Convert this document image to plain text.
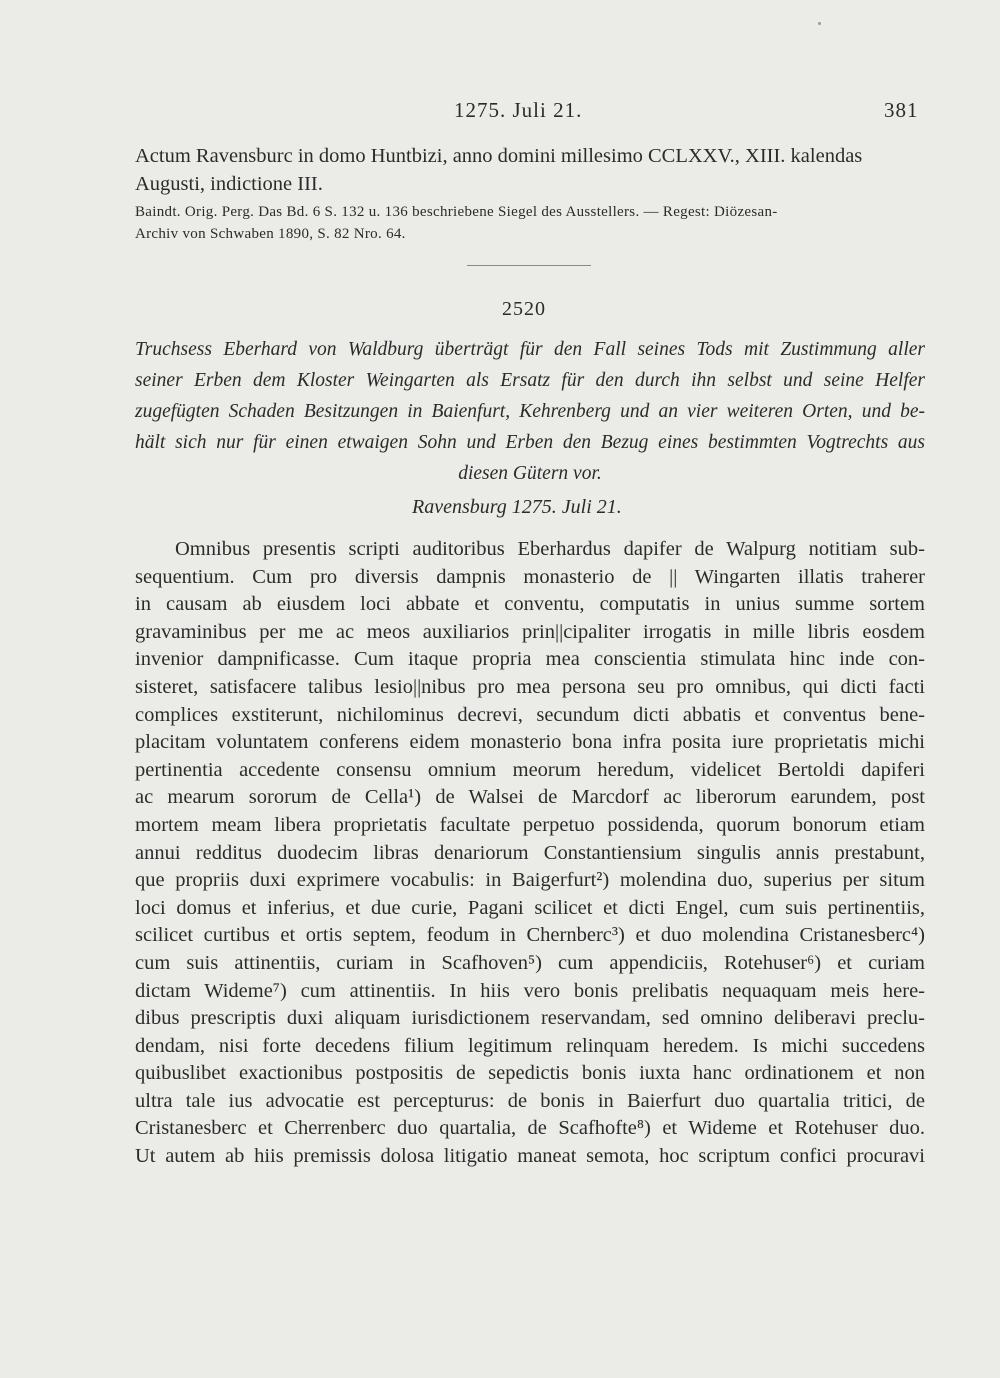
1275. Juli 21.	381
Actum Ravensburc in domo Huntbizi, anno domini millesimo CCLXXV., XIII. kalendas
Augusti, indictione III.
Baindt. Orig. Perg. Das Bd. 6 S. 132 u. 136 beschriebene Siegel des Ausstellers. — Regest: Diözesan-
Archiv von Schwaben 1890, S. 82 Nro. 64.
2520
Truchsess Eberhard von Waldburg überträgt für den Fall seines Tods mit Zustimmung aller
seiner Erben dem Kloster Weingarten als Ersatz für den durch ihn selbst und seine Helfer
zugefügten Schaden Besitzungen in Baienfurt, Kehrenberg und an vier weiteren Orten, und be-
hält sich nur für einen etwaigen Sohn und Erben den Bezug eines bestimmten Vogtrechts aus
diesen Gütern vor.
Ravensburg 1275. Juli 21.
Omnibus presentis scripti auditoribus Eberhardus dapifer de Walpurg notitiam sub-
sequentium. Cum pro diversis dampnis monasterio de || Wingarten illatis traherer
in causam ab eiusdem loci abbate et conventu, computatis in unius summe sortem
gravaminibus per me ac meos auxiliarios prin||cipaliter irrogatis in mille libris eosdem
invenior dampnificasse. Cum itaque propria mea conscientia stimulata hinc inde con-
sisteret, satisfacere talibus lesio||nibus pro mea persona seu pro omnibus, qui dicti facti
complices exstiterunt, nichilominus decrevi, secundum dicti abbatis et conventus bene-
placitam voluntatem conferens eidem monasterio bona infra posita iure proprietatis michi
pertinentia accedente consensu omnium meorum heredum, videlicet Bertoldi dapiferi
ac mearum sororum de Cella¹) de Walsei de Marcdorf ac liberorum earundem, post
mortem meam libera proprietatis facultate perpetuo possidenda, quorum bonorum etiam
annui redditus duodecim libras denariorum Constantiensium singulis annis prestabunt,
que propriis duxi exprimere vocabulis: in Baigerfurt²) molendina duo, superius per situm
loci domus et inferius, et due curie, Pagani scilicet et dicti Engel, cum suis pertinentiis,
scilicet curtibus et ortis septem, feodum in Chernberc³) et duo molendina Cristanesberc⁴)
cum suis attinentiis, curiam in Scafhoven⁵) cum appendiciis, Rotehuser⁶) et curiam
dictam Wideme⁷) cum attinentiis. In hiis vero bonis prelibatis nequaquam meis here-
dibus prescriptis duxi aliquam iurisdictionem reservandam, sed omnino deliberavi preclu-
dendam, nisi forte decedens filium legitimum relinquam heredem. Is michi succedens
quibuslibet exactionibus postpositis de sepedictis bonis iuxta hanc ordinationem et non
ultra tale ius advocatie est percepturus: de bonis in Baierfurt duo quartalia tritici, de
Cristanesberc et Cherrenberc duo quartalia, de Scafhofte⁸) et Wideme et Rotehuser duo.
Ut autem ab hiis premissis dolosa litigatio maneat semota, hoc scriptum confici procuravi
